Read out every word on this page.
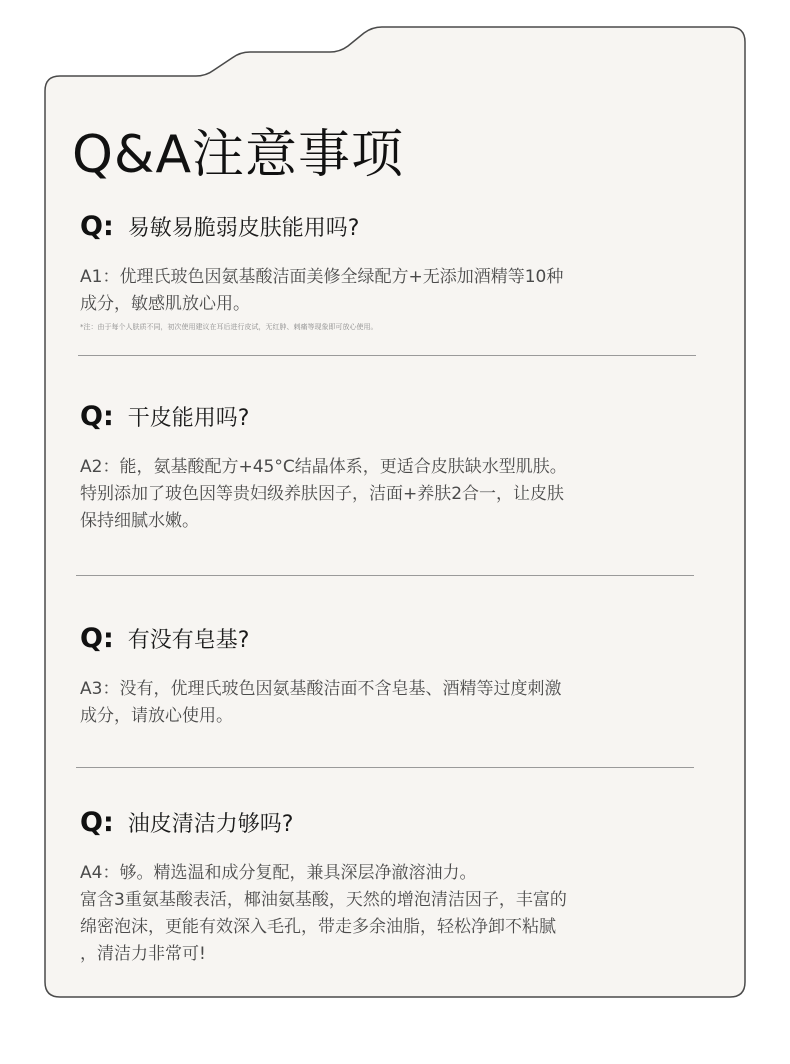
Q&A注意事项
Q: 易敏易脆弱皮肤能用吗?
A1：优理氏玻色因氨基酸洁面美修全绿配方+无添加酒精等10种
成分，敏感肌放心用。
*注：由于每个人肤质不同，初次使用建议在耳后进行皮试，无红肿、刺痛等现象即可放心使用。
Q: 干皮能用吗?
A2：能，氨基酸配方+45°C结晶体系，更适合皮肤缺水型肌肤。
特别添加了玻色因等贵妇级养肤因子，洁面+养肤2合一，让皮肤
保持细腻水嫩。
Q: 有没有皂基?
A3：没有，优理氏玻色因氨基酸洁面不含皂基、酒精等过度刺激
成分，请放心使用。
Q: 油皮清洁力够吗?
A4：够。精选温和成分复配，兼具深层净澈溶油力。
富含3重氨基酸表活，椰油氨基酸，天然的增泡清洁因子，丰富的
绵密泡沫，更能有效深入毛孔，带走多余油脂，轻松净卸不粘腻
，清洁力非常可!
